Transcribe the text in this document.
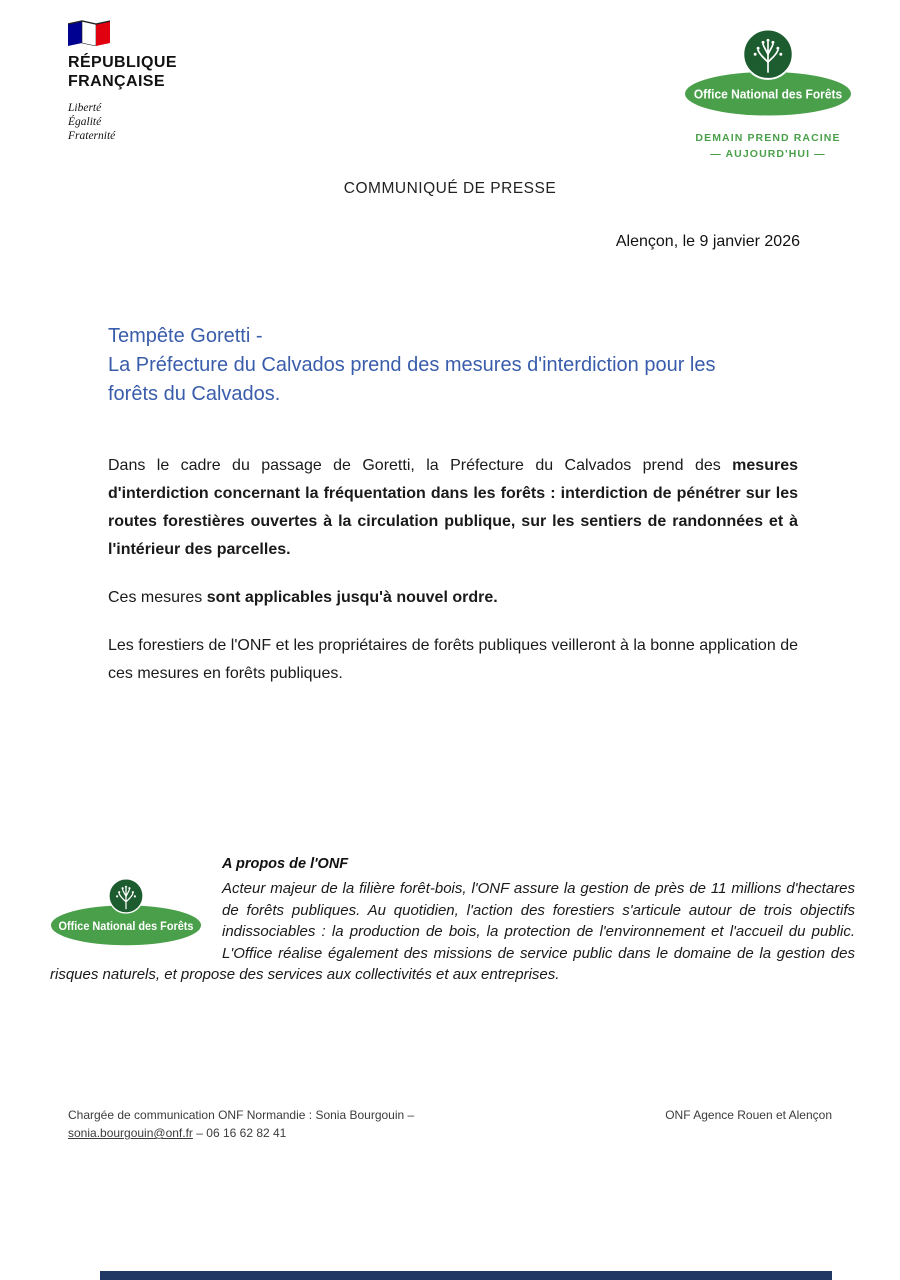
RÉPUBLIQUE
FRANÇAISE
Liberté
Égalité
Fraternité
Office National des Forêts
DEMAIN PREND RACINE
— AUJOURD'HUI —
COMMUNIQUÉ DE PRESSE
Alençon, le 9 janvier 2026
Tempête Goretti -
La Préfecture du Calvados prend des mesures d'interdiction pour les
forêts du Calvados.

Dans le cadre du passage de Goretti, la Préfecture du Calvados prend des mesures d'interdiction concernant la fréquentation dans les forêts : interdiction de pénétrer sur les routes forestières ouvertes à la circulation publique, sur les sentiers de randonnées et à l'intérieur des parcelles.

Ces mesures sont applicables jusqu'à nouvel ordre.

Les forestiers de l'ONF et les propriétaires de forêts publiques veilleront à la bonne application de ces mesures en forêts publiques.

Office National des Forêts
A propos de l'ONF

Acteur majeur de la filière forêt-bois, l'ONF assure la gestion de près de 11 millions d'hectares de forêts publiques. Au quotidien, l'action des forestiers s'articule autour de trois objectifs indissociables : la production de bois, la protection de l'environnement et l'accueil du public. L'Office réalise également des missions de service public dans le domaine de la gestion des risques naturels, et propose des services aux collectivités et aux entreprises.

Chargée de communication ONF Normandie : Sonia Bourgouin –
sonia.bourgouin@onf.fr – 06 16 62 82 41
ONF Agence Rouen et Alençon
